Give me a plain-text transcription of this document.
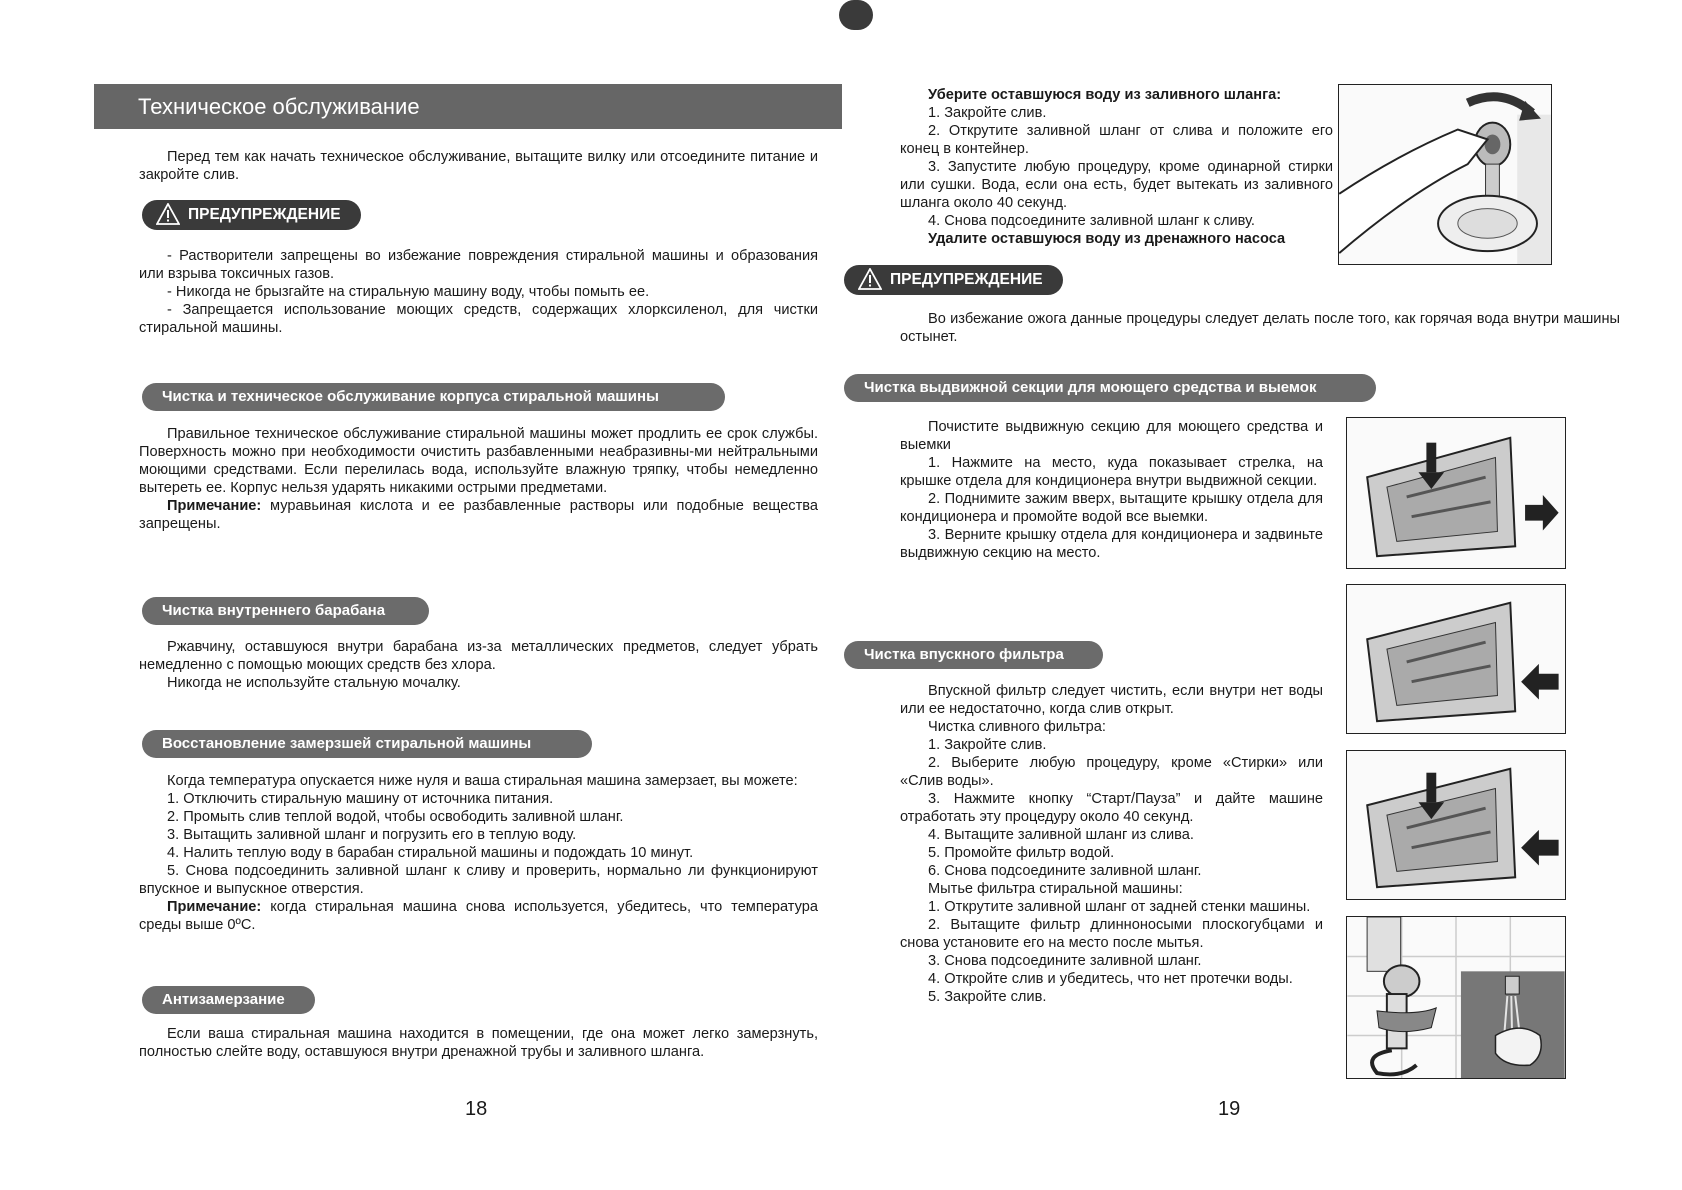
Техническое обслуживание

Перед тем как начать техническое обслуживание, вытащите вилку или отсоедините питание и закройте слив.

ПРЕДУПРЕЖДЕНИЕ

- Растворители запрещены во избежание повреждения стиральной машины и образования или взрыва токсичных газов.

- Никогда не брызгайте на стиральную машину воду, чтобы помыть ее.

- Запрещается использование моющих средств, содержащих хлорксиленол, для чистки стиральной машины.

Чистка и техническое обслуживание корпуса стиральной машины

Правильное техническое обслуживание стиральной машины может продлить ее срок службы. Поверхность можно при необходимости очистить разбавленными неабразивны-ми нейтральными моющими средствами. Если перелилась вода, используйте влажную тряпку, чтобы немедленно вытереть ее. Корпус нельзя ударять никакими острыми предметами.

Примечание: муравьиная кислота и ее разбавленные растворы или подобные вещества запрещены.

Чистка внутреннего барабана

Ржавчину, оставшуюся внутри барабана из-за металлических предметов, следует убрать немедленно с помощью моющих средств без хлора.

Никогда не используйте стальную мочалку.

Восстановление замерзшей стиральной машины

Когда температура опускается ниже нуля и ваша стиральная машина замерзает, вы можете:

1. Отключить стиральную машину от источника питания.

2. Промыть слив теплой водой, чтобы освободить заливной шланг.

3. Вытащить заливной шланг и погрузить его в теплую воду.

4. Налить теплую воду в барабан стиральной машины и подождать 10 минут.

5. Снова подсоединить заливной шланг к сливу и проверить, нормально ли функционируют впускное и выпускное отверстия.

Примечание: когда стиральная машина снова используется, убедитесь, что температура среды выше 0ºC.

Антизамерзание

Если ваша стиральная машина находится в помещении, где она может легко замерзнуть, полностью слейте воду, оставшуюся внутри дренажной трубы и заливного шланга.

18

Уберите оставшуюся воду из заливного шланга:

1. Закройте слив.

2. Открутите заливной шланг от слива и положите его конец в контейнер.

3. Запустите любую процедуру, кроме одинарной стирки или сушки. Вода, если она есть, будет вытекать из заливного шланга около 40 секунд.

4. Снова подсоедините заливной шланг к сливу.

Удалите оставшуюся воду из дренажного насоса

ПРЕДУПРЕЖДЕНИЕ

Во избежание ожога данные процедуры следует делать после того, как горячая вода внутри машины остынет.

Чистка выдвижной секции для моющего средства и выемок

Почистите выдвижную секцию для моющего средства и выемки

1. Нажмите на место, куда показывает стрелка, на крышке отдела для кондиционера внутри выдвижной секции.

2. Поднимите зажим вверх, вытащите крышку отдела для кондиционера и промойте водой все выемки.

3. Верните крышку отдела для кондиционера и задвиньте выдвижную секцию на место.

Чистка впускного фильтра

Впускной фильтр следует чистить, если внутри нет воды или ее недостаточно, когда слив открыт.

Чистка сливного фильтра:

1. Закройте слив.

2. Выберите любую процедуру, кроме «Стирки» или «Слив воды».

3. Нажмите кнопку “Старт/Пауза” и дайте машине отработать эту процедуру около 40 секунд.

4. Вытащите заливной шланг из слива.

5. Промойте фильтр водой.

6. Снова подсоедините заливной шланг.

Мытье фильтра стиральной машины:

1. Открутите заливной шланг от задней стенки машины.

2. Вытащите фильтр длинноносыми плоскогубцами и снова установите его на место после мытья.

3. Снова подсоедините заливной шланг.

4. Откройте слив и убедитесь, что нет протечки воды.

5. Закройте слив.

19
